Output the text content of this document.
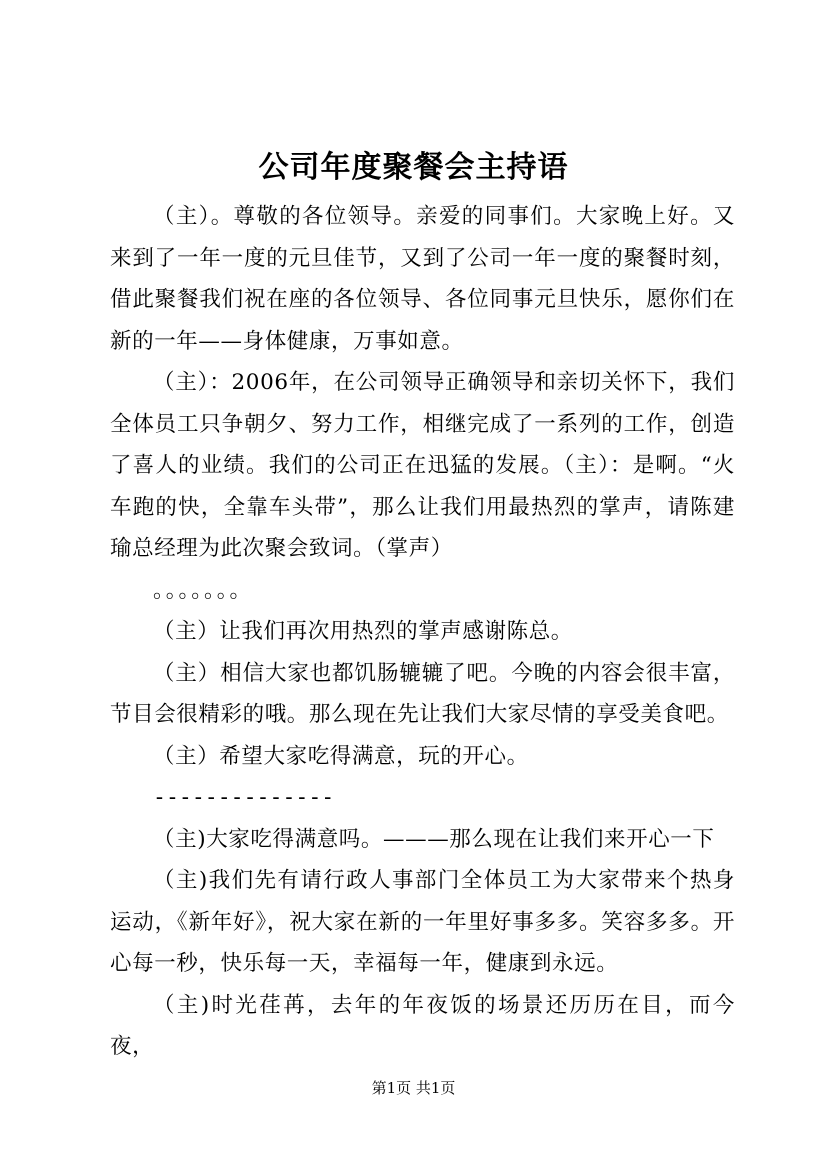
公司年度聚餐会主持语

（主）。尊敬的各位领导。亲爱的同事们。大家晚上好。又来到了一年一度的元旦佳节，又到了公司一年一度的聚餐时刻，借此聚餐我们祝在座的各位领导、各位同事元旦快乐，愿你们在新的一年——身体健康，万事如意。

（主）：2006年，在公司领导正确领导和亲切关怀下，我们全体员工只争朝夕、努力工作，相继完成了一系列的工作，创造了喜人的业绩。我们的公司正在迅猛的发展。（主）：是啊。“火车跑的快，全靠车头带”，那么让我们用最热烈的掌声，请陈建瑜总经理为此次聚会致词。（掌声）

。。。。。。。

（主）让我们再次用热烈的掌声感谢陈总。

（主）相信大家也都饥肠辘辘了吧。今晚的内容会很丰富，节目会很精彩的哦。那么现在先让我们大家尽情的享受美食吧。

（主）希望大家吃得满意，玩的开心。

--------------

（主)大家吃得满意吗。———那么现在让我们来开心一下

（主)我们先有请行政人事部门全体员工为大家带来个热身运动，《新年好》，祝大家在新的一年里好事多多。笑容多多。开心每一秒，快乐每一天，幸福每一年，健康到永远。

（主)时光荏苒，去年的年夜饭的场景还历历在目，而今夜，

第1页 共1页
